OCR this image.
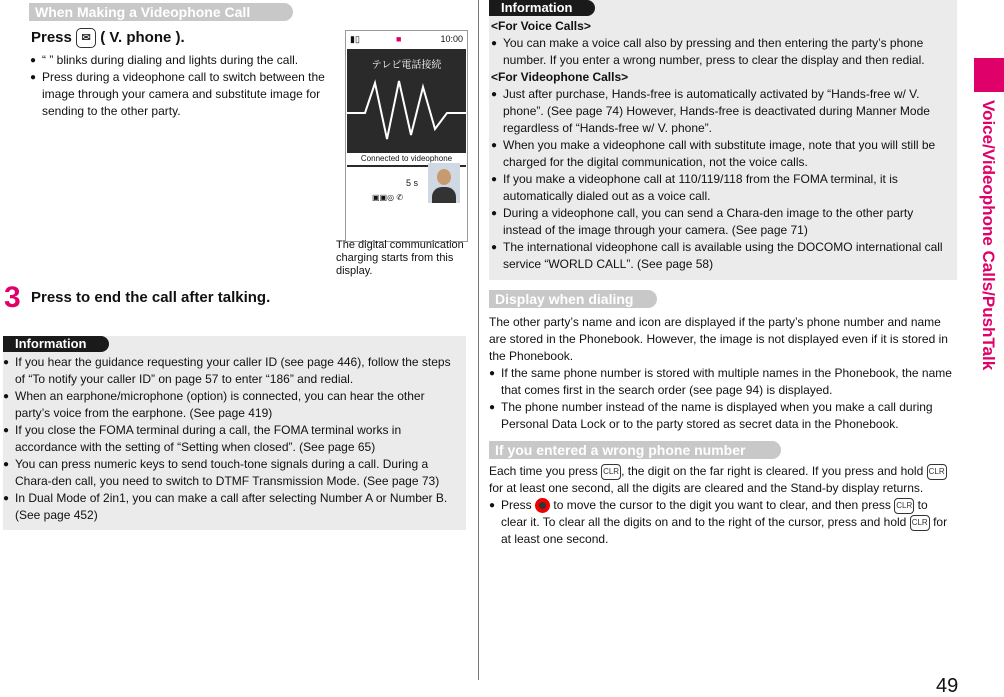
When Making a Videophone Call
Press ✉ ( V. phone ).
● “ ” blinks during dialing and lights during the call.
● Press during a videophone call to switch between the image through your camera and substitute image for sending to the other party.
▮▯	■	10:00
テレビ電話接続
Connected to videophone
5 s
▣▣◎ ✆
The digital communication charging starts from this display.
3 Press to end the call after talking.
Information
● If you hear the guidance requesting your caller ID (see page 446), follow the steps of “To notify your caller ID” on page 57 to enter “186” and redial.
● When an earphone/microphone (option) is connected, you can hear the other party’s voice from the earphone. (See page 419)
● If you close the FOMA terminal during a call, the FOMA terminal works in accordance with the setting of “Setting when closed”. (See page 65)
● You can press numeric keys to send touch-tone signals during a call. During a Chara-den call, you need to switch to DTMF Transmission Mode. (See page 73)
● In Dual Mode of 2in1, you can make a call after selecting Number A or Number B. (See page 452)
Information
<For Voice Calls>
● You can make a voice call also by pressing and then entering the party’s phone number. If you enter a wrong number, press to clear the display and then redial.
<For Videophone Calls>
● Just after purchase, Hands-free is automatically activated by “Hands-free w/ V. phone”. (See page 74) However, Hands-free is deactivated during Manner Mode regardless of “Hands-free w/ V. phone”.
● When you make a videophone call with substitute image, note that you will still be charged for the digital communication, not the voice calls.
● If you make a videophone call at 110/119/118 from the FOMA terminal, it is automatically dialed out as a voice call.
● During a videophone call, you can send a Chara-den image to the other party instead of the image through your camera. (See page 71)
● The international videophone call is available using the DOCOMO international call service “WORLD CALL”. (See page 58)
Display when dialing

The other party’s name and icon are displayed if the party’s phone number and name are stored in the Phonebook. However, the image is not displayed even if it is stored in the Phonebook.

● If the same phone number is stored with multiple names in the Phonebook, the name that comes first in the search order (see page 94) is displayed.
● The phone number instead of the name is displayed when you make a call during Personal Data Lock or to the party stored as secret data in the Phonebook.
If you entered a wrong phone number

Each time you press CLR , the digit on the far right is cleared. If you press and hold CLR for at least one second, all the digits are cleared and the Stand-by display returns.

● Press to move the cursor to the digit you want to clear, and then press CLR to clear it. To clear all the digits on and to the right of the cursor, press and hold CLR for at least one second.
Voice/Videophone Calls/PushTalk
49
